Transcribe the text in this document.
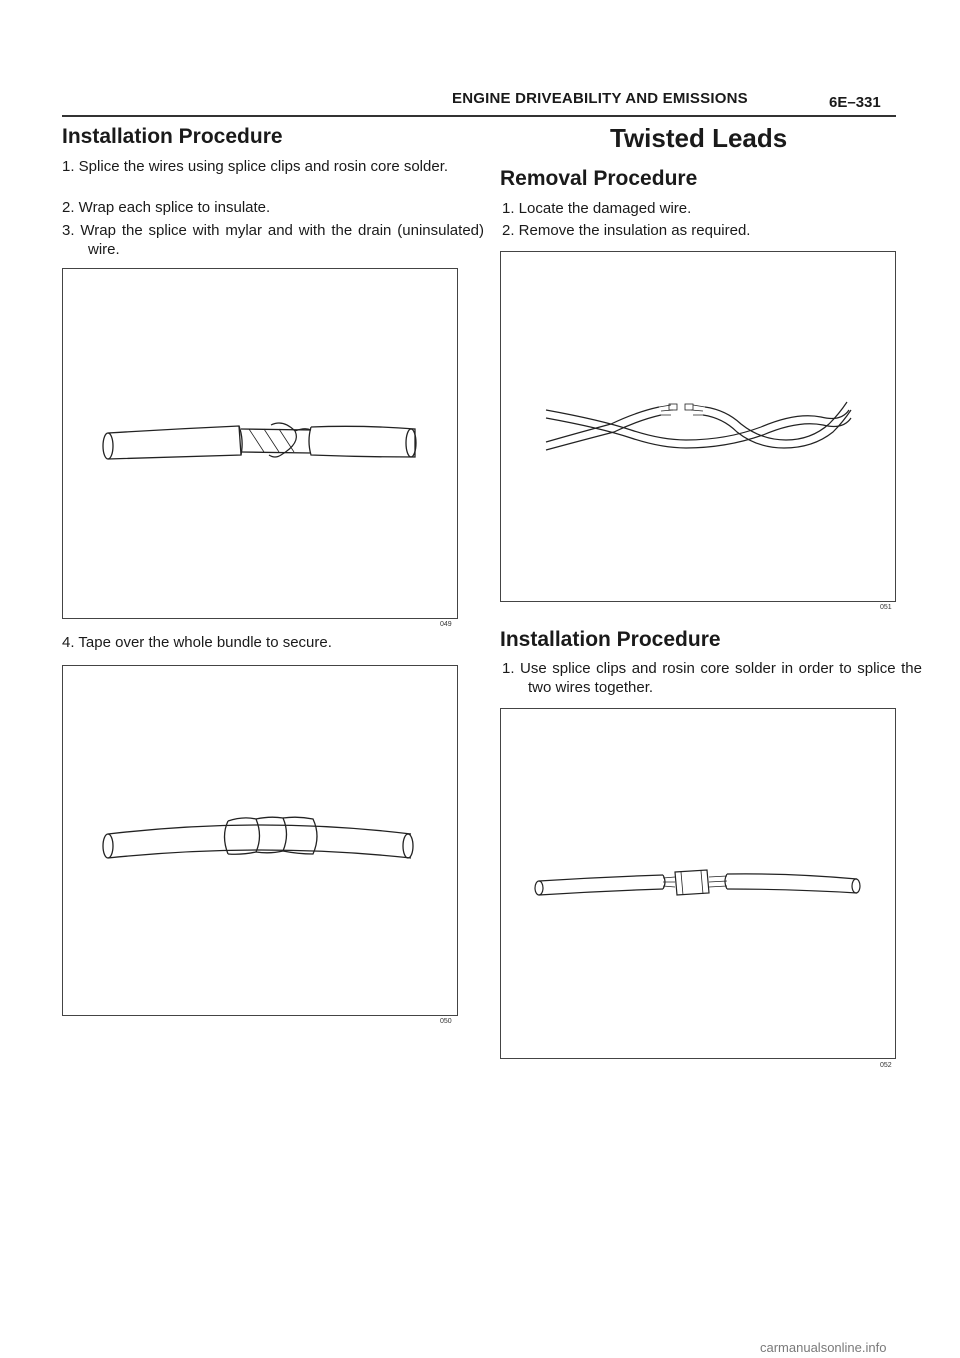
ENGINE DRIVEABILITY AND EMISSIONS	6E–331
Installation Procedure
1. Splice the wires using splice clips and rosin core solder.
2. Wrap each splice to insulate.
3. Wrap the splice with mylar and with the drain (uninsulated) wire.
049
4. Tape over the whole bundle to secure.
050
Twisted Leads
Removal Procedure
1. Locate the damaged wire.
2. Remove the insulation as required.
051
Installation Procedure
1. Use splice clips and rosin core solder in order to splice the two wires together.
052
carmanualsonline.info
